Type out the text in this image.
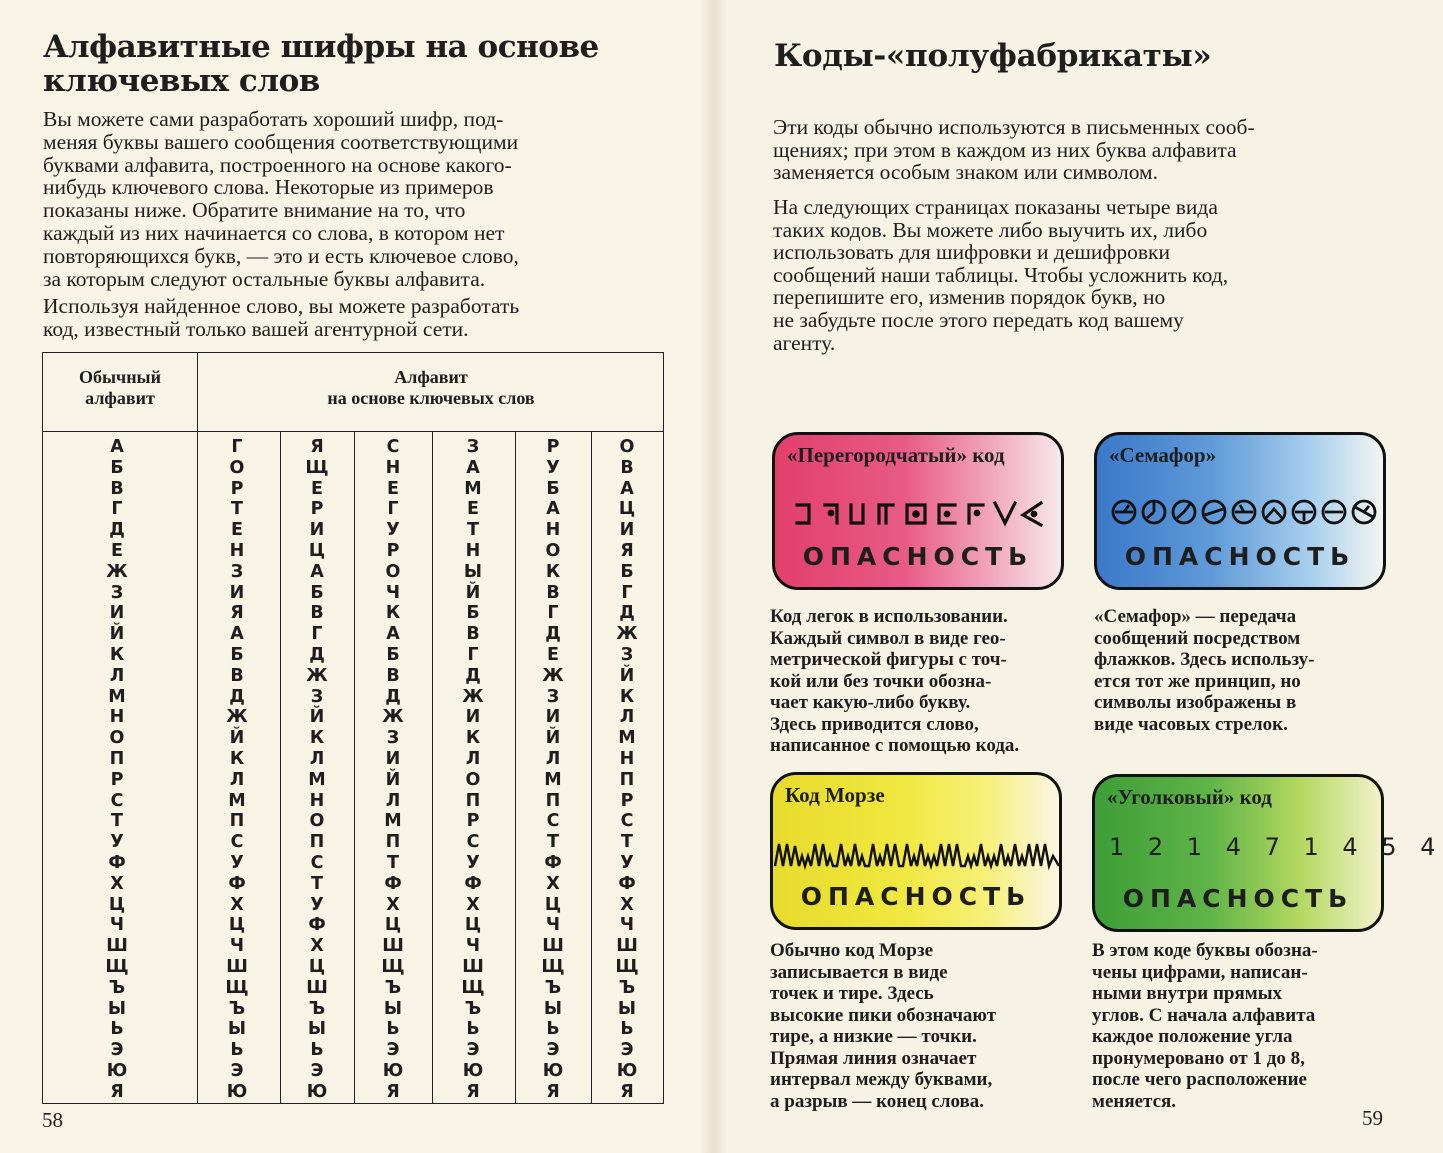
Алфавитные шифры на основе
ключевых слов

Вы можете сами разработать хороший шифр, под-
меняя буквы вашего сообщения соответствующими
буквами алфавита, построенного на основе какого-
нибудь ключевого слова. Некоторые из примеров
показаны ниже. Обратите внимание на то, что
каждый из них начинается со слова, в котором нет
повторяющихся букв, — это и есть ключевое слово,
за которым следуют остальные буквы алфавита.

Используя найденное слово, вы можете разработать
код, известный только вашей агентурной сети.

Обычный
алфавит
Алфавит
на основе ключевых слов
А
Б
В
Г
Д
Е
Ж
З
И
Й
К
Л
М
Н
О
П
Р
С
Т
У
Ф
Х
Ц
Ч
Ш
Щ
Ъ
Ы
Ь
Э
Ю
Я
Г
О
Р
Т
Е
Н
З
И
Я
А
Б
В
Д
Ж
Й
К
Л
М
П
С
У
Ф
Х
Ц
Ч
Ш
Щ
Ъ
Ы
Ь
Э
Ю
Я
Щ
Е
Р
И
Ц
А
Б
В
Г
Д
Ж
З
Й
К
Л
М
Н
О
П
С
Т
У
Ф
Х
Ц
Ш
Ъ
Ы
Ь
Э
Ю
С
Н
Е
Г
У
Р
О
Ч
К
А
Б
В
Д
Ж
З
И
Й
Л
М
П
Т
Ф
Х
Ц
Ш
Щ
Ъ
Ы
Ь
Э
Ю
Я
З
А
М
Е
Т
Н
Ы
Й
Б
В
Г
Д
Ж
И
К
Л
О
П
Р
С
У
Ф
Х
Ц
Ч
Ш
Щ
Ъ
Ь
Э
Ю
Я
Р
У
Б
А
Н
О
К
В
Г
Д
Е
Ж
З
И
Й
Л
М
П
С
Т
Ф
Х
Ц
Ч
Ш
Щ
Ъ
Ы
Ь
Э
Ю
Я
О
В
А
Ц
И
Я
Б
Г
Д
Ж
З
Й
К
Л
М
Н
П
Р
С
Т
У
Ф
Х
Ч
Ш
Щ
Ъ
Ы
Ь
Э
Ю
Я
58
Коды-«полуфабрикаты»

Эти коды обычно используются в письменных сооб-
щениях; при этом в каждом из них буква алфавита
заменяется особым знаком или символом.

На следующих страницах показаны четыре вида
таких кодов. Вы можете либо выучить их, либо
использовать для шифровки и дешифровки
сообщений наши таблицы. Чтобы усложнить код,
перепишите его, изменив порядок букв, но
не забудьте после этого передать код вашему
агенту.

«Перегородчатый» код
ОПАСНОСТЬ
«Семафор»
ОПАСНОСТЬ
Код Морзе
ОПАСНОСТЬ
«Уголковый» код
1 2 1 4 7 1 4 5 4
ОПАСНОСТЬ

Код легок в использовании.
Каждый символ в виде гео-
метрической фигуры с точ-
кой или без точки обозна-
чает какую-либо букву.
Здесь приводится слово,
написанное с помощью кода.

«Семафор» — передача
сообщений посредством
флажков. Здесь использу-
ется тот же принцип, но
символы изображены в
виде часовых стрелок.

Обычно код Морзе
записывается в виде
точек и тире. Здесь
высокие пики обозначают
тире, а низкие — точки.
Прямая линия означает
интервал между буквами,
а разрыв — конец слова.

В этом коде буквы обозна-
чены цифрами, написан-
ными внутри прямых
углов. С начала алфавита
каждое положение угла
пронумеровано от 1 до 8,
после чего расположение
меняется.

59
